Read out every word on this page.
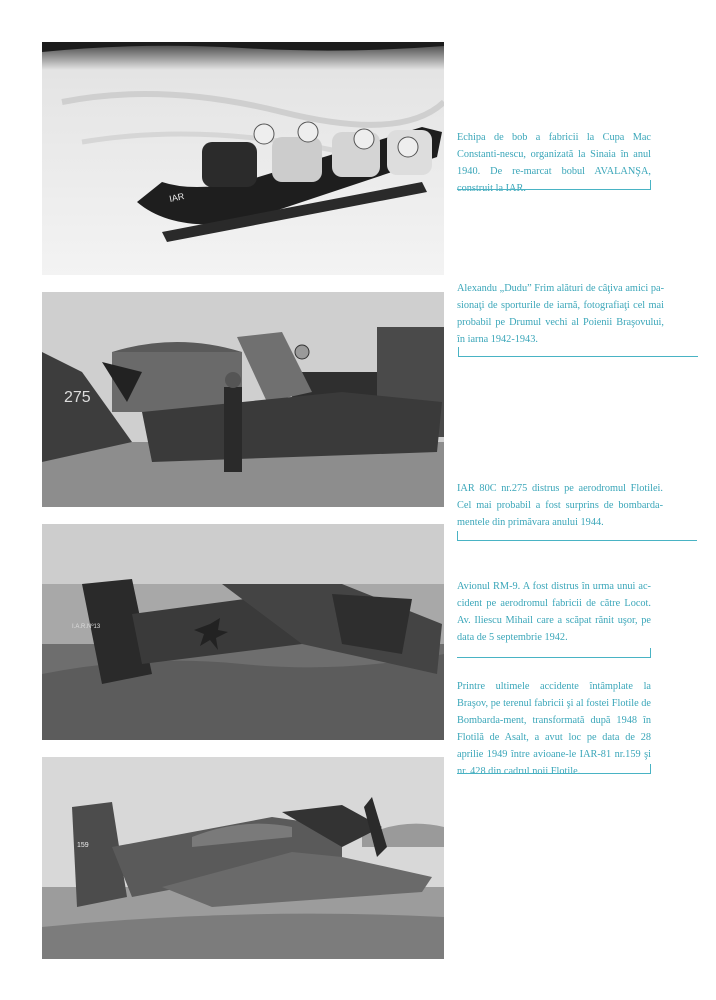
IAR
275
I.A.R.Nº13
159

Echipa de bob a fabricii la Cupa Mac Constanti-nescu, organizată la Sinaia în anul 1940. De re-marcat bobul AVALANŞA, construit la IAR.

Alexandu „Dudu” Frim alături de câţiva amici pa-sionaţi de sporturile de iarnă, fotografiaţi cel mai probabil pe Drumul vechi al Poienii Braşovului, în iarna 1942-1943.

IAR 80C nr.275 distrus pe aerodromul Flotilei. Cel mai probabil a fost surprins de bombarda-mentele din primăvara anului 1944.

Avionul RM-9. A fost distrus în urma unui ac-cident pe aerodromul fabricii de către Locot. Av. Iliescu Mihail care a scăpat rănit uşor, pe data de 5 septembrie 1942.

Printre ultimele accidente întâmplate la Braşov, pe terenul fabricii şi al fostei Flotile de Bombarda-ment, transformată după 1948 în Flotilă de Asalt, a avut loc pe data de 28 aprilie 1949 între avioane-le IAR-81 nr.159 şi nr. 428 din cadrul noii Flotile.
